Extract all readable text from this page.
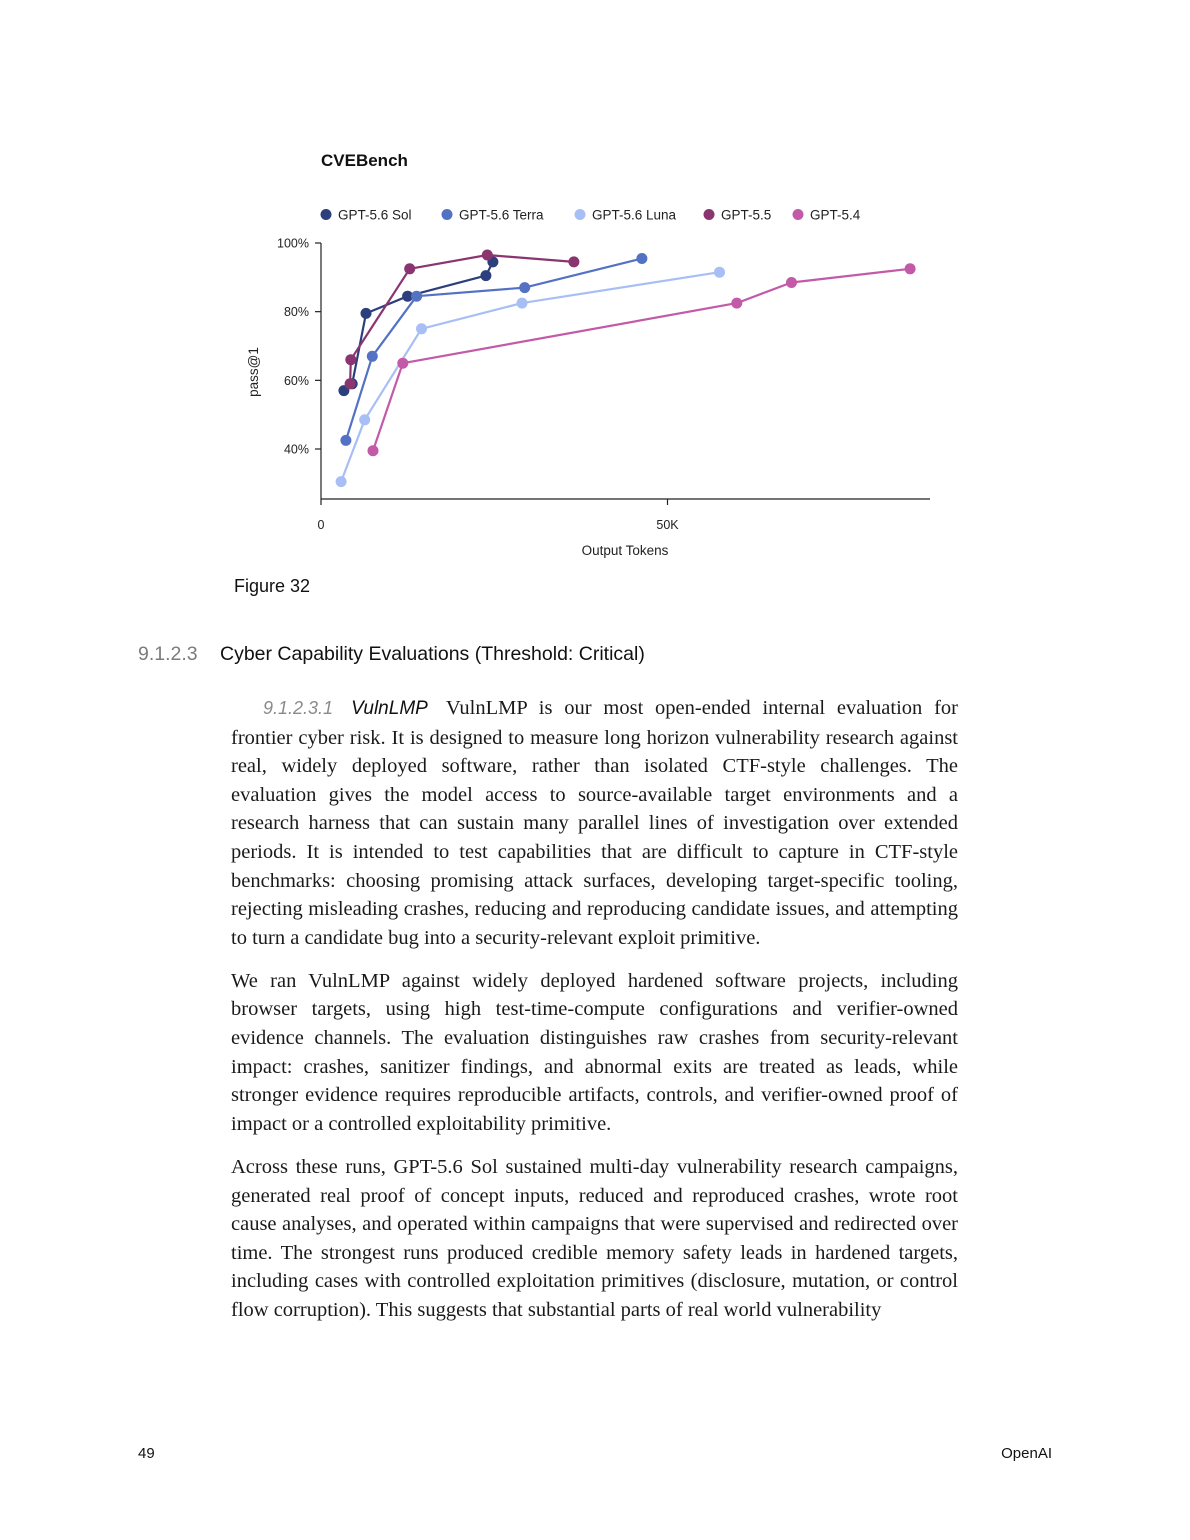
CVEBench
GPT-5.6 Sol	GPT-5.6 Terra	GPT-5.6 Luna	GPT-5.5	GPT-5.4
40%
60%
80%
100%
0	50K
Output Tokens
pass@1
Figure 32
9.1.2.3 Cyber Capability Evaluations (Threshold: Critical)

9.1.2.3.1 VulnLMP VulnLMP is our most open-ended internal evaluation for frontier cyber risk. It is designed to measure long horizon vulnerability research against real, widely deployed software, rather than isolated CTF-style challenges. The evaluation gives the model access to source-available target environments and a research harness that can sustain many parallel lines of investigation over extended periods. It is intended to test capabilities that are difficult to capture in CTF-style benchmarks: choosing promising attack surfaces, developing target-specific tooling, rejecting misleading crashes, reducing and reproducing candidate issues, and attempting to turn a candidate bug into a security-relevant exploit primitive.

We ran VulnLMP against widely deployed hardened software projects, including browser targets, using high test-time-compute configurations and verifier-owned evidence channels. The evaluation distinguishes raw crashes from security-relevant impact: crashes, sanitizer findings, and abnormal exits are treated as leads, while stronger evidence requires reproducible artifacts, controls, and verifier-owned proof of impact or a controlled exploitability primitive.

Across these runs, GPT-5.6 Sol sustained multi-day vulnerability research campaigns, generated real proof of concept inputs, reduced and reproduced crashes, wrote root cause analyses, and operated within campaigns that were supervised and redirected over time. The strongest runs produced credible memory safety leads in hardened targets, including cases with controlled exploitation primitives (disclosure, mutation, or control flow corruption). This suggests that substantial parts of real world vulnerability

49	OpenAI
